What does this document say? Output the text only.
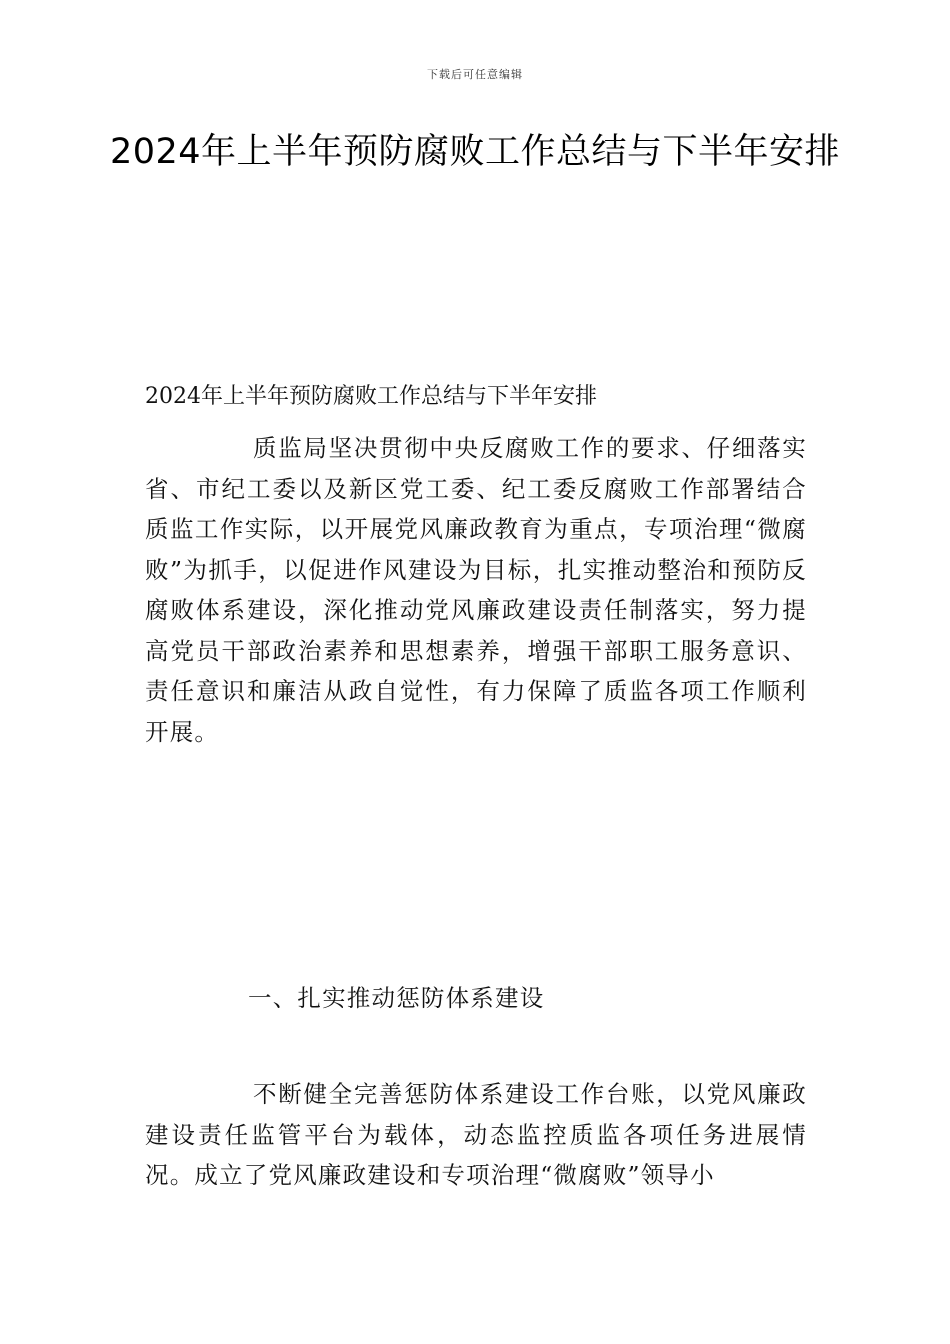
下载后可任意编辑
2024年上半年预防腐败工作总结与下半年安排
2024年上半年预防腐败工作总结与下半年安排
质监局坚决贯彻中央反腐败工作的要求、仔细落实省、市纪工委以及新区党工委、纪工委反腐败工作部署结合质监工作实际，以开展党风廉政教育为重点，专项治理“微腐败”为抓手，以促进作风建设为目标，扎实推动整治和预防反腐败体系建设，深化推动党风廉政建设责任制落实，努力提高党员干部政治素养和思想素养，增强干部职工服务意识、责任意识和廉洁从政自觉性，有力保障了质监各项工作顺利开展。
一、扎实推动惩防体系建设
不断健全完善惩防体系建设工作台账，以党风廉政建设责任监管平台为载体，动态监控质监各项任务进展情况。成立了党风廉政建设和专项治理“微腐败”领导小
